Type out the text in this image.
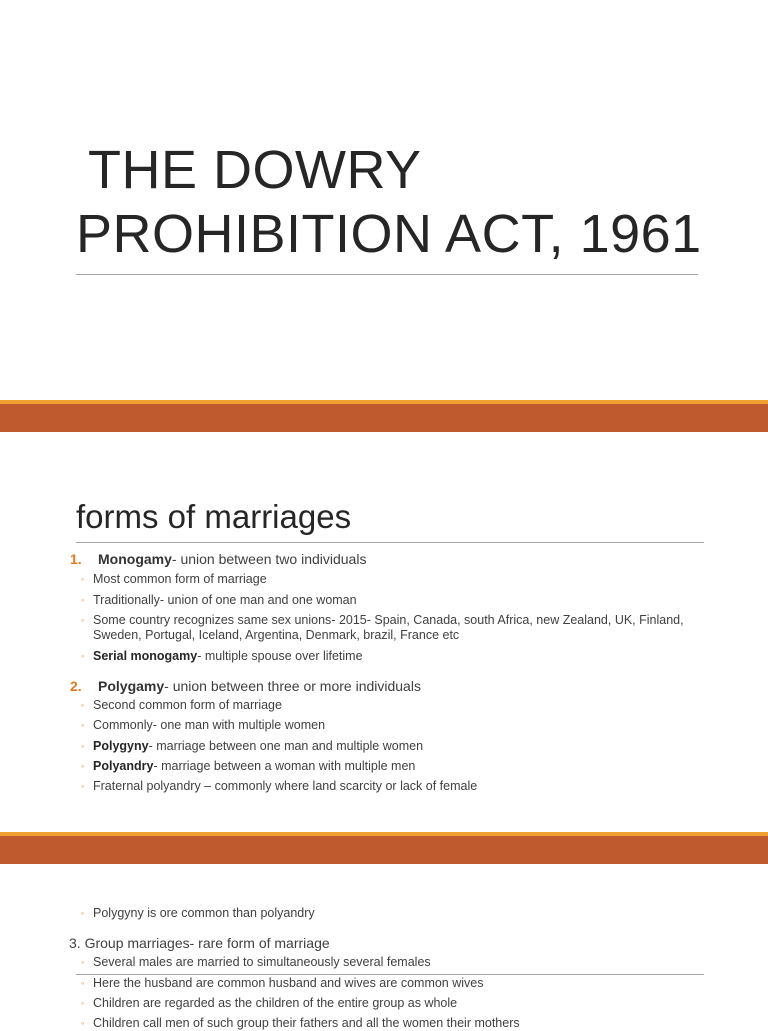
THE DOWRY
PROHIBITION ACT, 1961
forms of marriages
1. Monogamy- union between two individuals
◦ Most common form of marriage
◦ Traditionally- union of one man and one woman
◦ Some country recognizes same sex unions- 2015- Spain, Canada, south Africa, new Zealand, UK, Finland, Sweden, Portugal, Iceland, Argentina, Denmark, brazil, France etc
◦ Serial monogamy- multiple spouse over lifetime
2. Polygamy- union between three or more individuals
◦ Second common form of marriage
◦ Commonly- one man with multiple women
◦ Polygyny- marriage between one man and multiple women
◦ Polyandry- marriage between a woman with multiple men
◦ Fraternal polyandry – commonly where land scarcity or lack of female
◦ Polygyny is ore common than polyandry
3. Group marriages- rare form of marriage
◦ Several males are married to simultaneously several females
◦ Here the husband are common husband and wives are common wives
◦ Children are regarded as the children of the entire group as whole
◦ Children call men of such group their fathers and all the women their mothers
